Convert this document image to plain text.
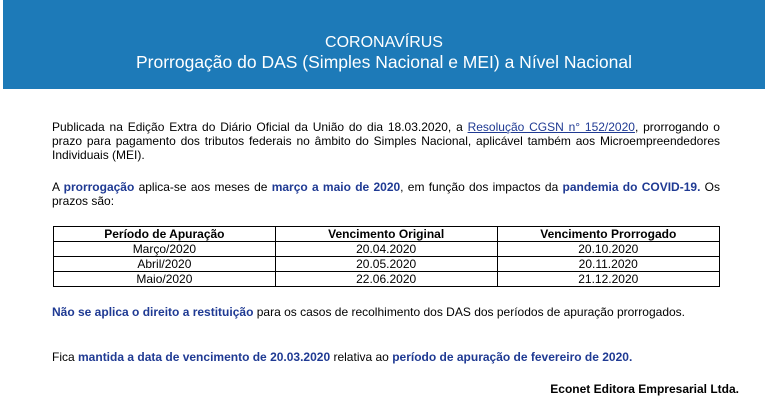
CORONAVÍRUS
Prorrogação do DAS (Simples Nacional e MEI) a Nível Nacional
Publicada na Edição Extra do Diário Oficial da União do dia 18.03.2020, a Resolução CGSN n° 152/2020, prorrogando o prazo para pagamento dos tributos federais no âmbito do Simples Nacional, aplicável também aos Microempreendedores Individuais (MEI).
A prorrogação aplica-se aos meses de março a maio de 2020, em função dos impactos da pandemia do COVID-19. Os prazos são:
Período de Apuração	Vencimento Original	Vencimento Prorrogado
Março/2020	20.04.2020	20.10.2020
Abril/2020	20.05.2020	20.11.2020
Maio/2020	22.06.2020	21.12.2020
Não se aplica o direito a restituição para os casos de recolhimento dos DAS dos períodos de apuração prorrogados.
Fica mantida a data de vencimento de 20.03.2020 relativa ao período de apuração de fevereiro de 2020.
Econet Editora Empresarial Ltda.
